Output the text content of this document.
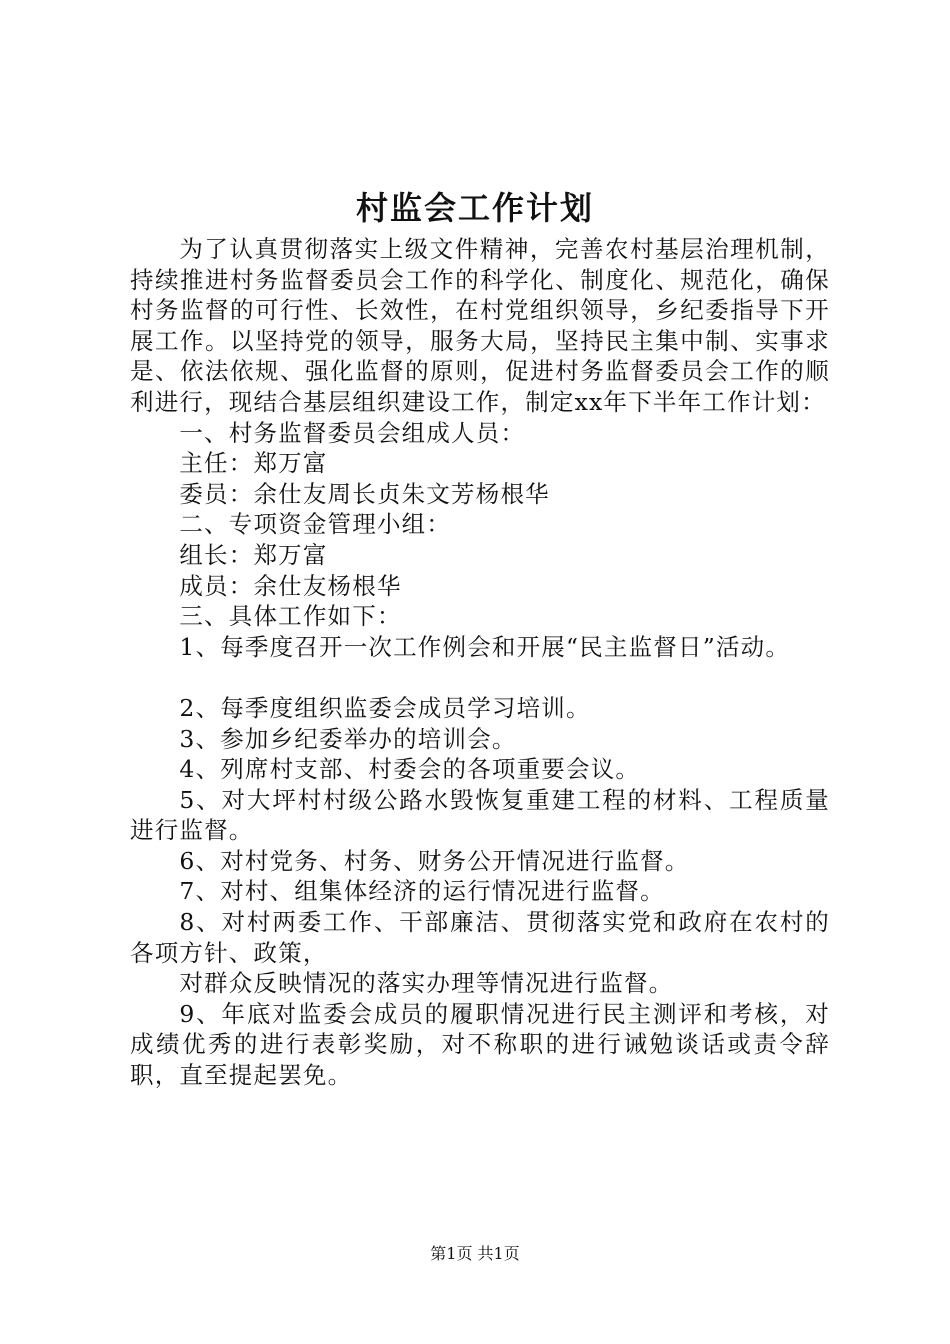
村监会工作计划

为了认真贯彻落实上级文件精神，完善农村基层治理机制，持续推进村务监督委员会工作的科学化、制度化、规范化，确保村务监督的可行性、长效性，在村党组织领导，乡纪委指导下开展工作。以坚持党的领导，服务大局，坚持民主集中制、实事求是、依法依规、强化监督的原则，促进村务监督委员会工作的顺利进行，现结合基层组织建设工作，制定xx年下半年工作计划：

一、村务监督委员会组成人员：

主任：郑万富

委员：余仕友周长贞朱文芳杨根华

二、专项资金管理小组：

组长：郑万富

成员：余仕友杨根华

三、具体工作如下：

1、每季度召开一次工作例会和开展“民主监督日”活动。

2、每季度组织监委会成员学习培训。

3、参加乡纪委举办的培训会。

4、列席村支部、村委会的各项重要会议。

5、对大坪村村级公路水毁恢复重建工程的材料、工程质量进行监督。

6、对村党务、村务、财务公开情况进行监督。

7、对村、组集体经济的运行情况进行监督。

8、对村两委工作、干部廉洁、贯彻落实党和政府在农村的各项方针、政策，

对群众反映情况的落实办理等情况进行监督。

9、年底对监委会成员的履职情况进行民主测评和考核，对成绩优秀的进行表彰奖励，对不称职的进行诫勉谈话或责令辞职，直至提起罢免。

第1页 共1页
